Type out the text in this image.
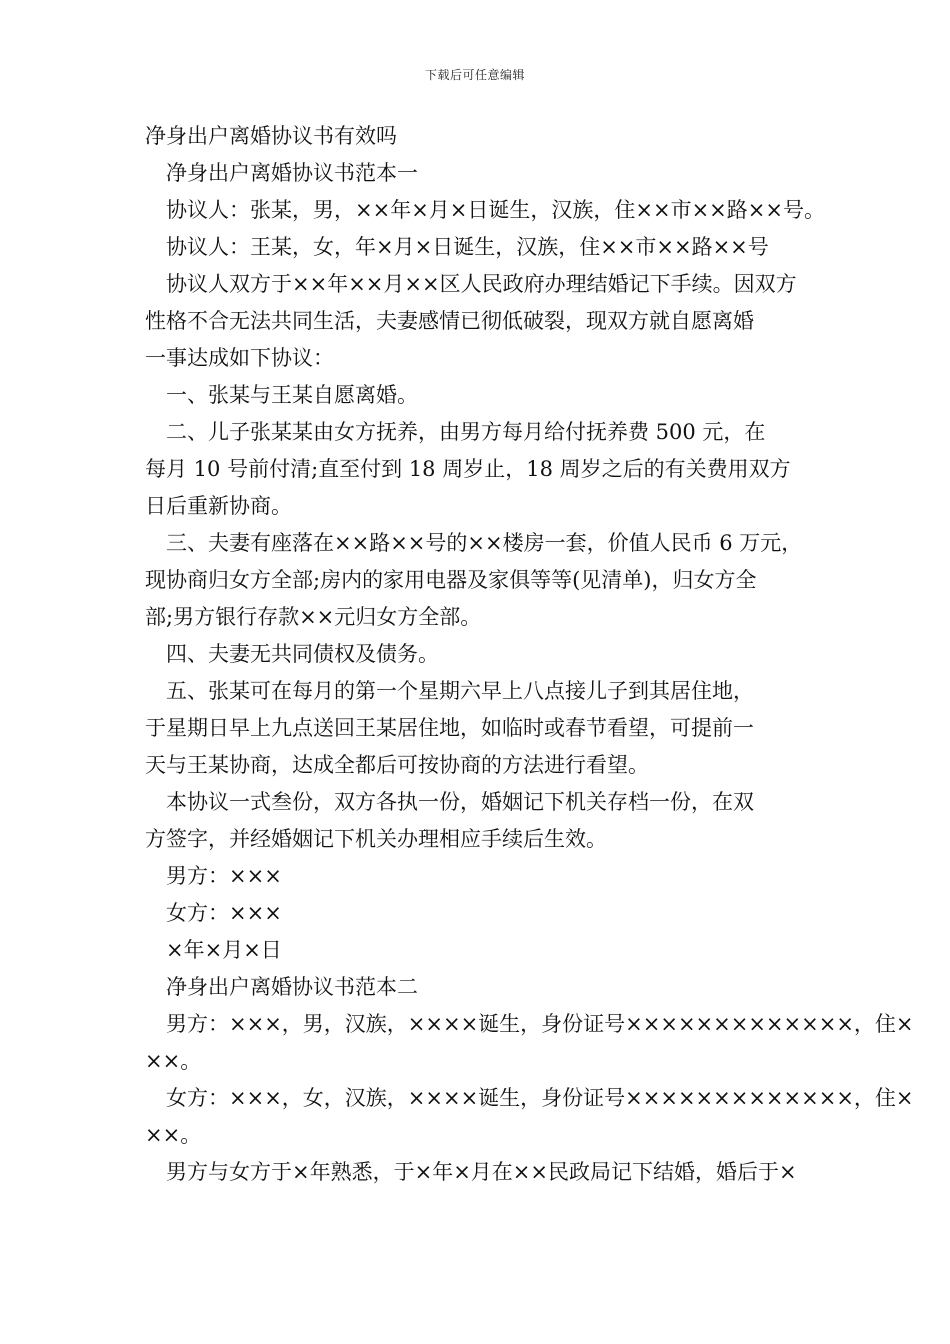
下载后可任意编辑
净身出户离婚协议书有效吗
净身出户离婚协议书范本一
协议人：张某，男，××年×月×日诞生，汉族，住××市××路××号。
协议人：王某，女，年×月×日诞生，汉族，住××市××路××号
协议人双方于××年××月××区人民政府办理结婚记下手续。因双方
性格不合无法共同生活，夫妻感情已彻低破裂，现双方就自愿离婚
一事达成如下协议：
一、张某与王某自愿离婚。
二、儿子张某某由女方抚养，由男方每月给付抚养费 500 元，在
每月 10 号前付清;直至付到 18 周岁止，18 周岁之后的有关费用双方
日后重新协商。
三、夫妻有座落在××路××号的××楼房一套，价值人民币 6 万元，
现协商归女方全部;房内的家用电器及家俱等等(见清单)，归女方全
部;男方银行存款××元归女方全部。
四、夫妻无共同债权及债务。
五、张某可在每月的第一个星期六早上八点接儿子到其居住地，
于星期日早上九点送回王某居住地，如临时或春节看望，可提前一
天与王某协商，达成全都后可按协商的方法进行看望。
本协议一式叁份，双方各执一份，婚姻记下机关存档一份，在双
方签字，并经婚姻记下机关办理相应手续后生效。
男方：×××
女方：×××
×年×月×日
净身出户离婚协议书范本二
男方：×××，男，汉族，××××诞生，身份证号×××××××××××××，住×
××。
女方：×××，女，汉族，××××诞生，身份证号×××××××××××××，住×
××。
男方与女方于×年熟悉，于×年×月在××民政局记下结婚，婚后于×
